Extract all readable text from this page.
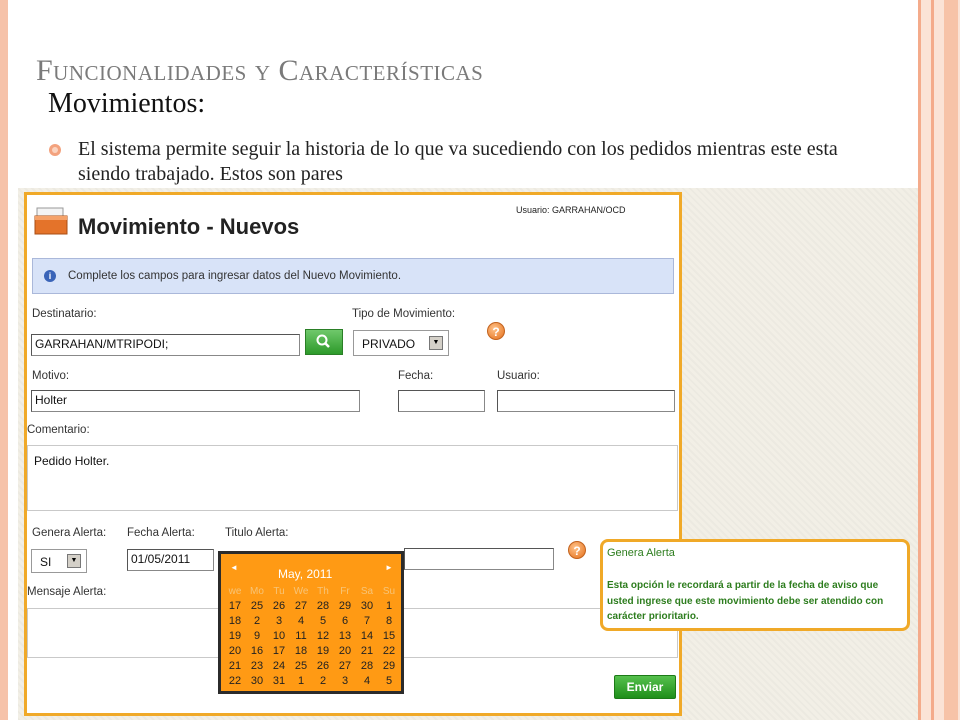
Funcionalidades y Características
Movimientos:
El sistema permite seguir la historia de lo que va sucediendo con los pedidos mientras este esta siendo trabajado. Estos son pares
Movimiento - Nuevos
Usuario: GARRAHAN/OCD
i	Complete los campos para ingresar datos del Nuevo Movimiento.
Destinatario:
GARRAHAN/MTRIPODI;
Tipo de Movimiento:
PRIVADO	▼
?
Motivo:
Holter
Fecha:	Usuario:
Comentario:
Pedido Holter.
Genera Alerta:
SI	▼
Fecha Alerta:
01/05/2011
Titulo Alerta:
?
Mensaje Alerta:
Enviar
◄	►
May, 2011
we Mo Tu We Th	Fr	Sa Su
17 25 26 27 28 29 30	1
18	2	3	4	5	6	7	8
19	9	10 11 12 13 14 15
20 16 17 18 19 20 21 22
21 23 24 25 26 27 28 29
22 30 31	1	2	3	4	5
Genera Alerta
Esta opción le recordará a partir de la fecha de aviso que usted ingrese que este movimiento debe ser atendido con carácter prioritario.
